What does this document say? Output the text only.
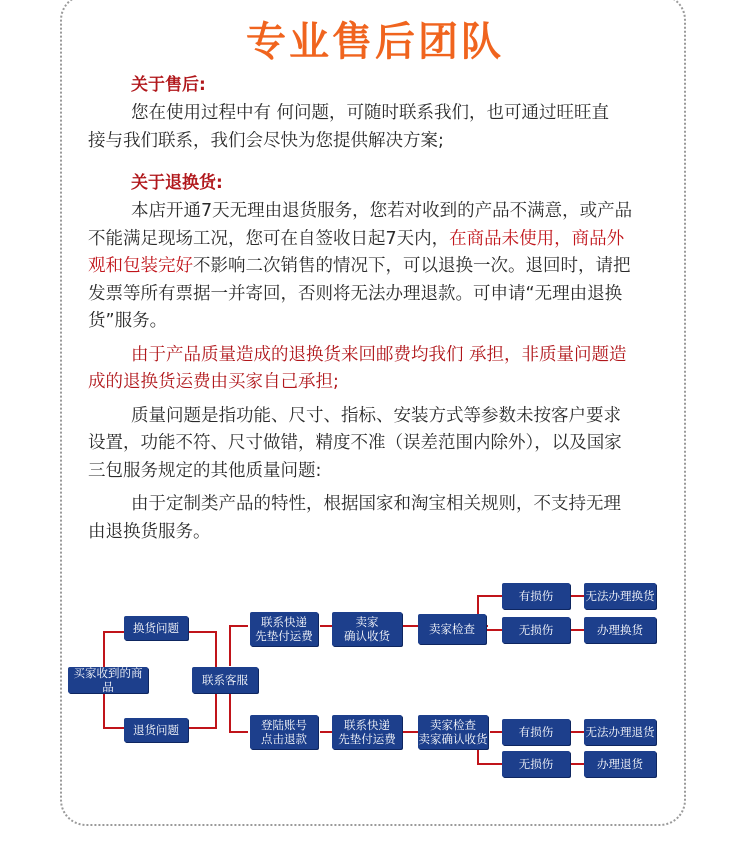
专业售后团队
关于售后:

您在使用过程中有 何问题，可随时联系我们，也可通过旺旺直

接与我们联系，我们会尽快为您提供解决方案;

关于退换货:

本店开通7天无理由退货服务，您若对收到的产品不满意，或产品

不能满足现场工况，您可在自签收日起7天内，在商品未使用，商品外

观和包装完好不影响二次销售的情况下，可以退换一次。退回时，请把

发票等所有票据一并寄回，否则将无法办理退款。可申请“无理由退换

货”服务。

由于产品质量造成的退换货来回邮费均我们 承担，非质量问题造

成的退换货运费由买家自己承担;

质量问题是指功能、尺寸、指标、安装方式等参数未按客户要求

设置，功能不符、尺寸做错，精度不准（误差范围内除外），以及国家

三包服务规定的其他质量问题:

由于定制类产品的特性，根据国家和淘宝相关规则，不支持无理

由退换货服务。

买家收到的商品
换货问题
退货问题
联系客服
联系快递
先垫付运费
卖家
确认收货	卖家检查
有损伤	无法办理换货
无损伤	办理换货
登陆账号
点击退款
联系快递
先垫付运费
卖家检查
卖家确认收货	有损伤	无法办理退货
无损伤	办理退货
